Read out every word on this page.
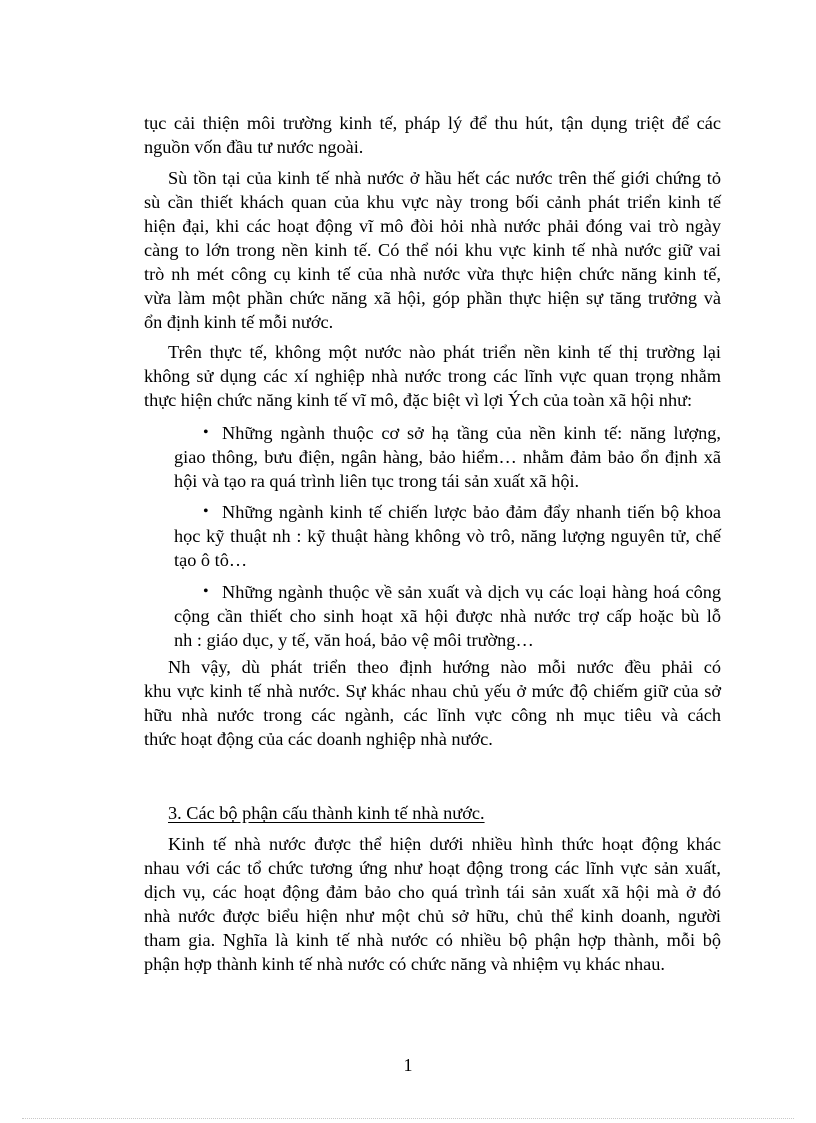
tục cải thiện môi trường kinh tế, pháp lý để thu hút, tận dụng triệt để các
nguồn vốn đầu tư nước ngoài.
Sù tồn tại của kinh tế nhà nước ở hầu hết các nước trên thế giới chứng tỏ
sù cần thiết khách quan của khu vực này trong bối cảnh phát triển kinh tế
hiện đại, khi các hoạt động vĩ mô đòi hỏi nhà nước phải đóng vai trò ngày
càng to lớn trong nền kinh tế. Có thể nói khu vực kinh tế nhà nước giữ vai
trò nh mét công cụ kinh tế của nhà nước vừa thực hiện chức năng kinh tế,
vừa làm một phần chức năng xã hội, góp phần thực hiện sự tăng trưởng và
ổn định kinh tế mỗi nước.
Trên thực tế, không một nước nào phát triển nền kinh tế thị trường lại
không sử dụng các xí nghiệp nhà nước trong các lĩnh vực quan trọng nhằm
thực hiện chức năng kinh tế vĩ mô, đặc biệt vì lợi Ých của toàn xã hội như:
• Những ngành thuộc cơ sở hạ tầng của nền kinh tế: năng lượng,
giao thông, bưu điện, ngân hàng, bảo hiểm… nhằm đảm bảo ổn định xã
hội và tạo ra quá trình liên tục trong tái sản xuất xã hội.
• Những ngành kinh tế chiến lược bảo đảm đẩy nhanh tiến bộ khoa
học kỹ thuật nh : kỹ thuật hàng không vò trô, năng lượng nguyên tử, chế
tạo ô tô…
• Những ngành thuộc về sản xuất và dịch vụ các loại hàng hoá công
cộng cần thiết cho sinh hoạt xã hội được nhà nước trợ cấp hoặc bù lỗ
nh : giáo dục, y tế, văn hoá, bảo vệ môi trường…
Nh vậy, dù phát triển theo định hướng nào mỗi nước đều phải có
khu vực kinh tế nhà nước. Sự khác nhau chủ yếu ở mức độ chiếm giữ của sở
hữu nhà nước trong các ngành, các lĩnh vực công nh mục tiêu và cách
thức hoạt động của các doanh nghiệp nhà nước.
3. Các bộ phận cấu thành kinh tế nhà nước.
Kinh tế nhà nước được thể hiện dưới nhiều hình thức hoạt động khác
nhau với các tổ chức tương ứng như hoạt động trong các lĩnh vực sản xuất,
dịch vụ, các hoạt động đảm bảo cho quá trình tái sản xuất xã hội mà ở đó
nhà nước được biểu hiện như một chủ sở hữu, chủ thể kinh doanh, người
tham gia. Nghĩa là kinh tế nhà nước có nhiều bộ phận hợp thành, mỗi bộ
phận hợp thành kinh tế nhà nước có chức năng và nhiệm vụ khác nhau.
1
